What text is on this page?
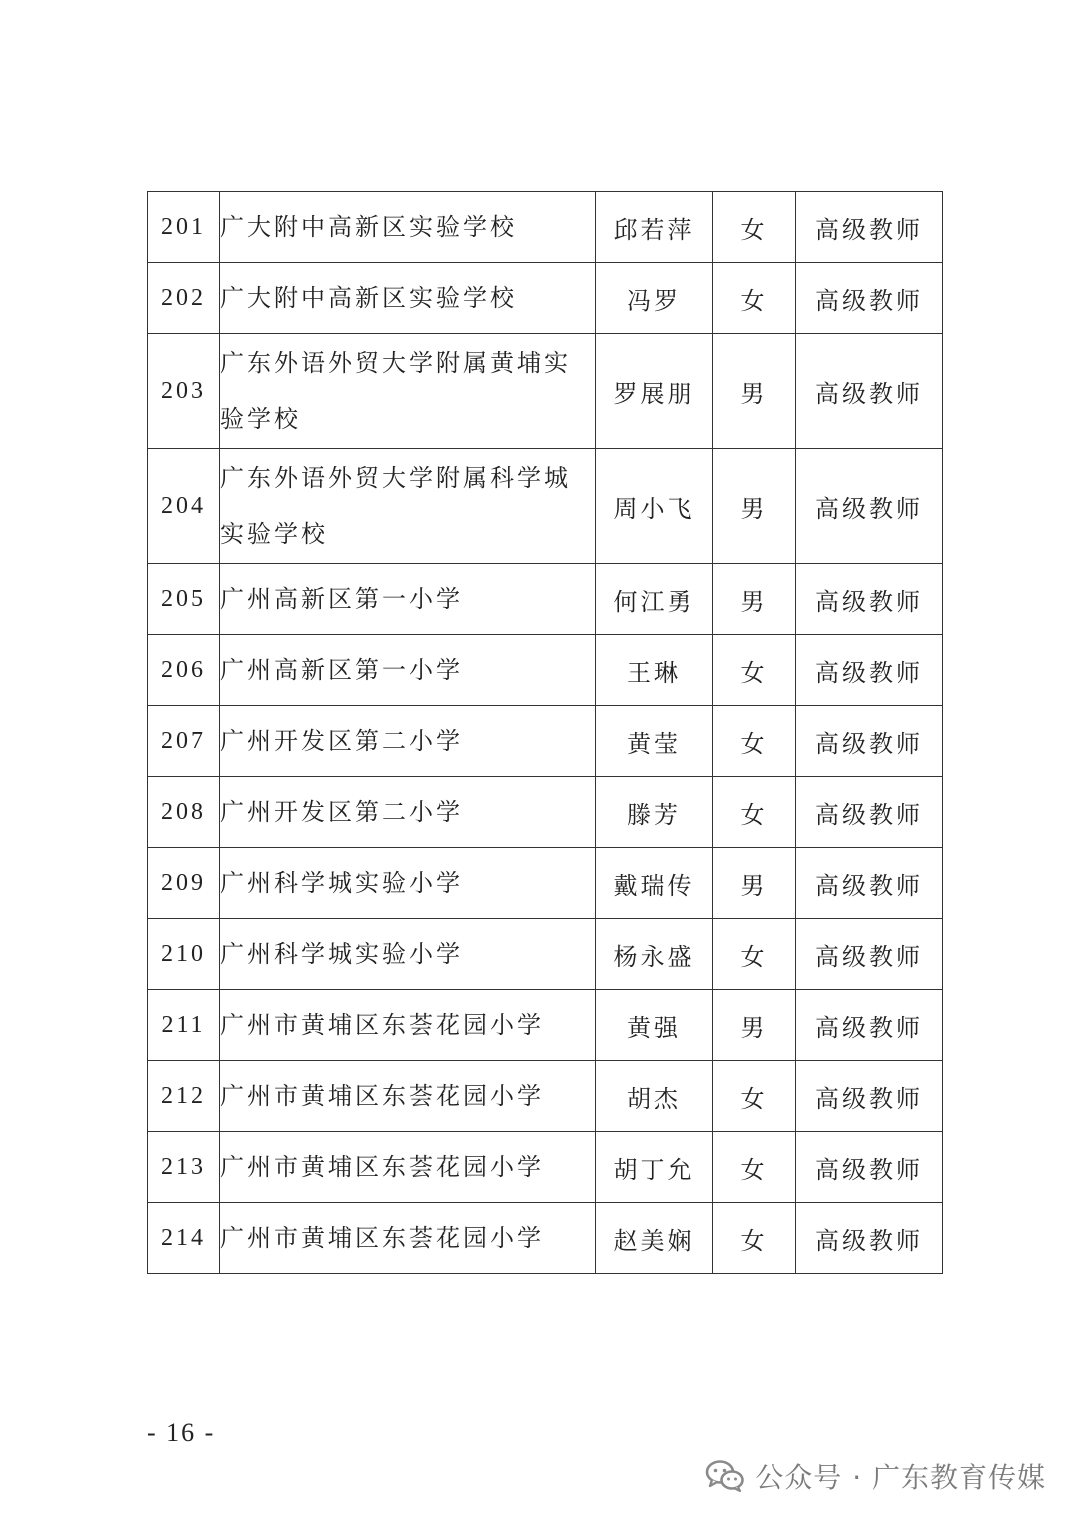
201	广大附中高新区实验学校	邱若萍	女	高级教师
202	广大附中高新区实验学校	冯罗	女	高级教师
203	广东外语外贸大学附属黄埔实验学校	罗展朋	男	高级教师
204	广东外语外贸大学附属科学城实验学校	周小飞	男	高级教师
205	广州高新区第一小学	何江勇	男	高级教师
206	广州高新区第一小学	王琳	女	高级教师
207	广州开发区第二小学	黄莹	女	高级教师
208	广州开发区第二小学	滕芳	女	高级教师
209	广州科学城实验小学	戴瑞传	男	高级教师
210	广州科学城实验小学	杨永盛	女	高级教师
211	广州市黄埔区东荟花园小学	黄强	男	高级教师
212	广州市黄埔区东荟花园小学	胡杰	女	高级教师
213	广州市黄埔区东荟花园小学	胡丁允	女	高级教师
214	广州市黄埔区东荟花园小学	赵美娴	女	高级教师
- 16 -
公众号 · 广东教育传媒
